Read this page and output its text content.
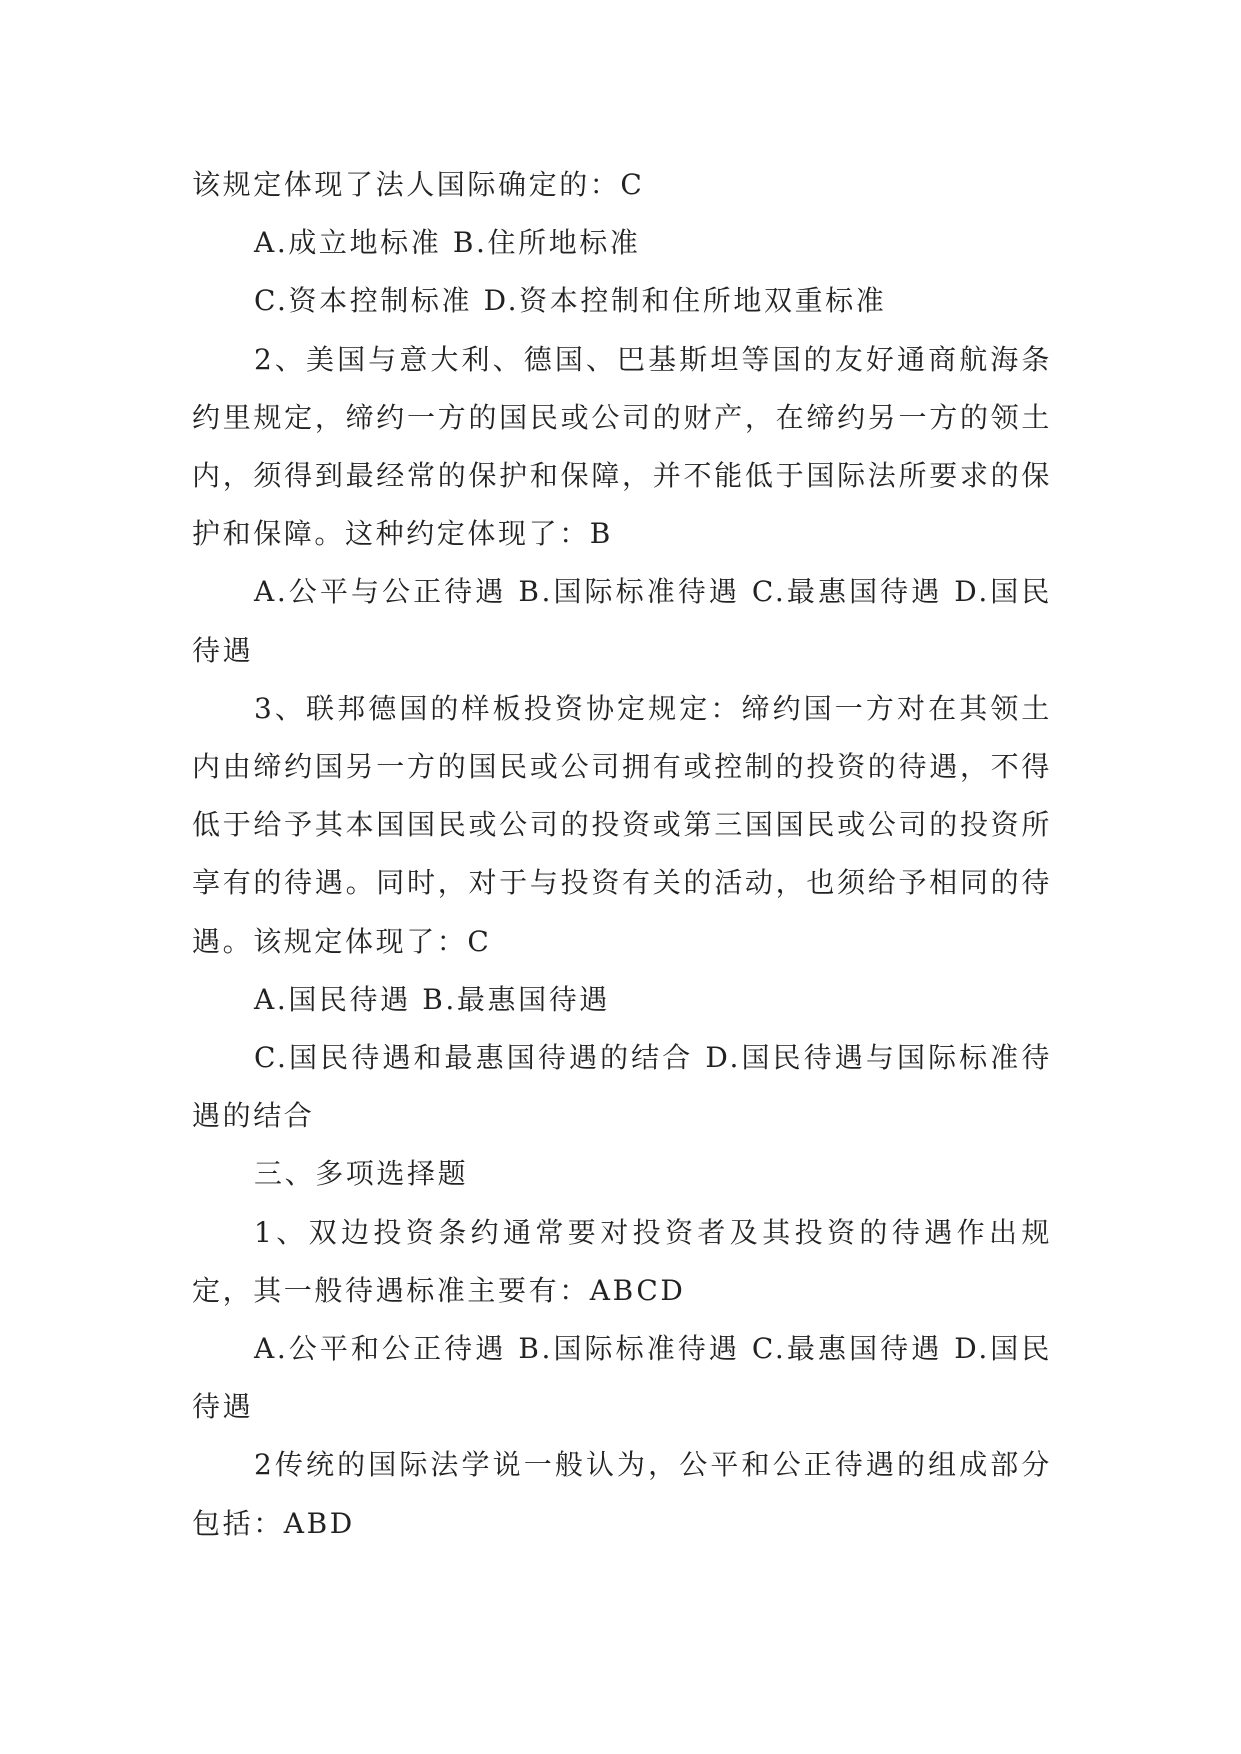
该规定体现了法人国际确定的：C

A.成立地标准 B.住所地标准

C.资本控制标准 D.资本控制和住所地双重标准

2、美国与意大利、德国、巴基斯坦等国的友好通商航海条约里规定，缔约一方的国民或公司的财产，在缔约另一方的领土内，须得到最经常的保护和保障，并不能低于国际法所要求的保护和保障。这种约定体现了：B

A.公平与公正待遇 B.国际标准待遇 C.最惠国待遇 D.国民待遇

3、联邦德国的样板投资协定规定：缔约国一方对在其领土内由缔约国另一方的国民或公司拥有或控制的投资的待遇，不得低于给予其本国国民或公司的投资或第三国国民或公司的投资所享有的待遇。同时，对于与投资有关的活动，也须给予相同的待遇。该规定体现了：C

A.国民待遇 B.最惠国待遇

C.国民待遇和最惠国待遇的结合 D.国民待遇与国际标准待遇的结合

三、多项选择题

1、双边投资条约通常要对投资者及其投资的待遇作出规定，其一般待遇标准主要有：ABCD

A.公平和公正待遇 B.国际标准待遇 C.最惠国待遇 D.国民待遇

2传统的国际法学说一般认为，公平和公正待遇的组成部分包括：ABD
